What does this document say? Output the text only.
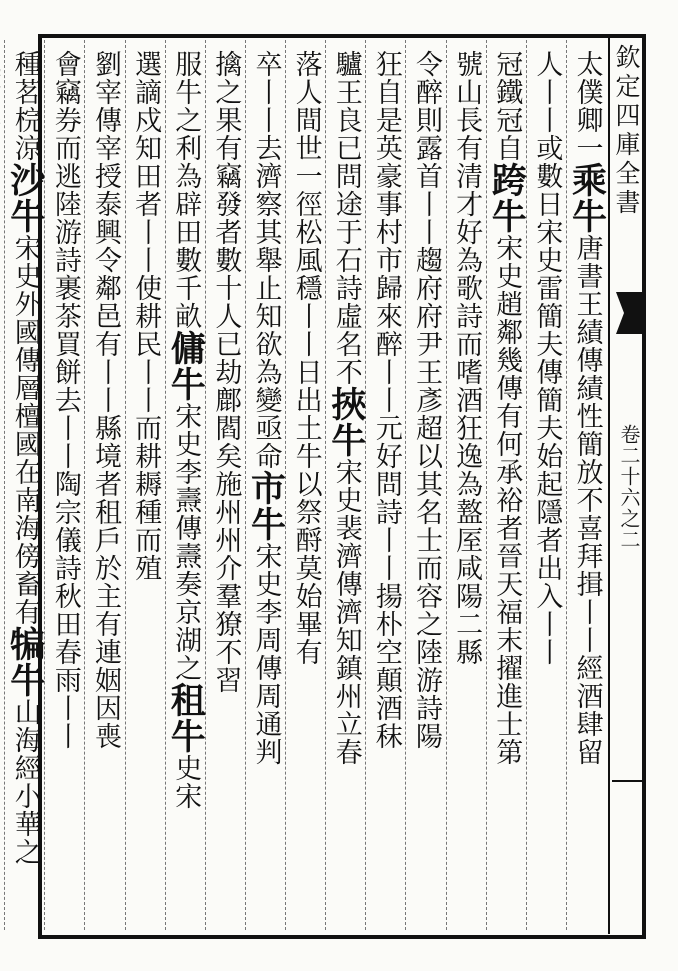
欽定四庫全書
卷二十六之二
太僕卿一乘牛唐書王績傳績性簡放不喜拜揖丨丨經酒肆留
人丨丨或數日宋史雷簡夫傳簡夫始起隱者出入丨丨
冠鐵冠自跨牛宋史趙鄰幾傳有何承裕者晉天福末擢進士第
號山長有清才好為歌詩而嗜酒狂逸為盩厔咸陽二縣
令醉則露首丨丨趨府府尹王彥超以其名士而容之陸游詩陽
狂自是英豪事村市歸來醉丨丨元好問詩丨丨揚朴空顛酒秣
驢王良已問途于石詩虛名不挾牛宋史裴濟傳濟知鎮州立春
落人間世一徑松風穩丨丨日出土牛以祭酹莫始畢有
卒丨丨去濟察其舉止知欲為變亟命市牛宋史李周傳周通判
擒之果有竊發者數十人已劫鄜閻矣施州州介羣獠不習
服牛之利為辟田數千畝傭牛宋史李燾傳燾奏京湖之租牛史宋
選謫戍知田者丨丨使耕民丨丨而耕耨種而殖
劉宰傳宰授泰興令鄰邑有丨丨縣境者租戶於主有連姻因喪
會竊券而逃陸游詩裹茶買餅去丨丨陶宗儀詩秋田春雨丨丨
種茗梡涼沙牛宋史外國傳層檀國在南海傍畜有犏牛山海經小華之
